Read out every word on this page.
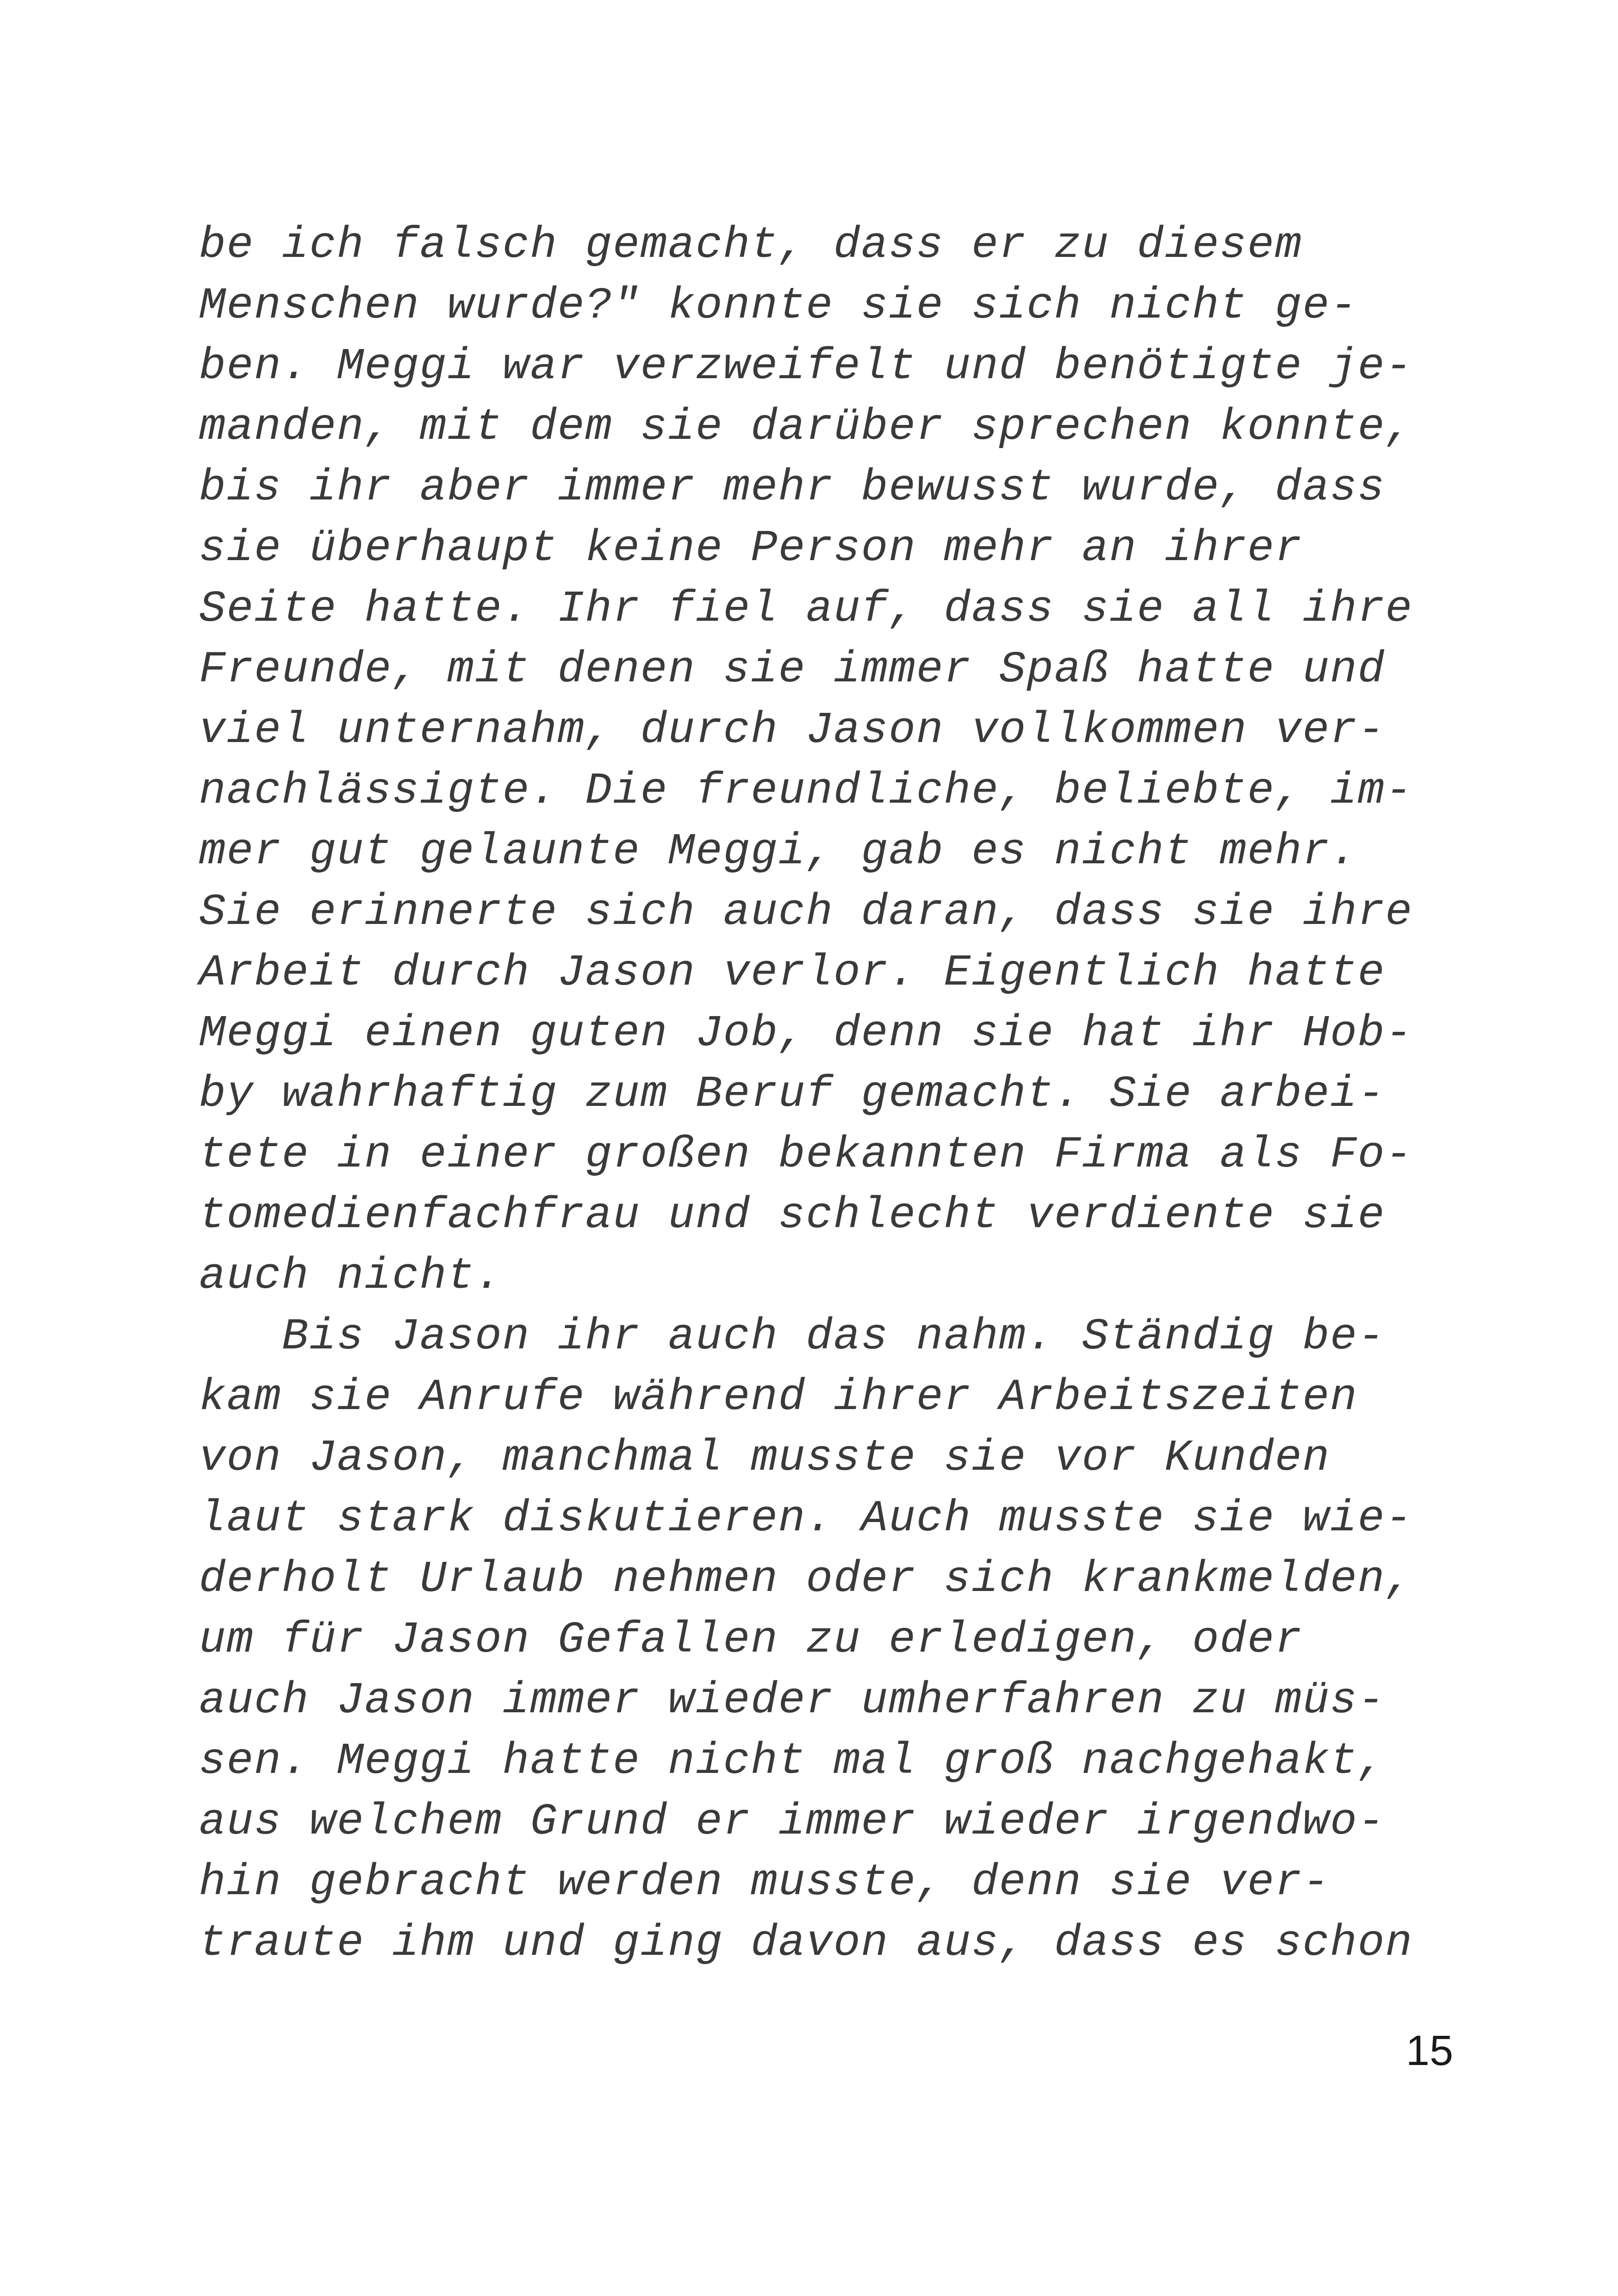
be ich falsch gemacht, dass er zu diesem
Menschen wurde?" konnte sie sich nicht ge-
ben. Meggi war verzweifelt und benötigte je-
manden, mit dem sie darüber sprechen konnte,
bis ihr aber immer mehr bewusst wurde, dass
sie überhaupt keine Person mehr an ihrer
Seite hatte. Ihr fiel auf, dass sie all ihre
Freunde, mit denen sie immer Spaß hatte und
viel unternahm, durch Jason vollkommen ver-
nachlässigte. Die freundliche, beliebte, im-
mer gut gelaunte Meggi, gab es nicht mehr.
Sie erinnerte sich auch daran, dass sie ihre
Arbeit durch Jason verlor. Eigentlich hatte
Meggi einen guten Job, denn sie hat ihr Hob-
by wahrhaftig zum Beruf gemacht. Sie arbei-
tete in einer großen bekannten Firma als Fo-
tomedienfachfrau und schlecht verdiente sie
auch nicht.
Bis Jason ihr auch das nahm. Ständig be-
kam sie Anrufe während ihrer Arbeitszeiten
von Jason, manchmal musste sie vor Kunden
laut stark diskutieren. Auch musste sie wie-
derholt Urlaub nehmen oder sich krankmelden,
um für Jason Gefallen zu erledigen, oder
auch Jason immer wieder umherfahren zu müs-
sen. Meggi hatte nicht mal groß nachgehakt,
aus welchem Grund er immer wieder irgendwo-
hin gebracht werden musste, denn sie ver-
traute ihm und ging davon aus, dass es schon
15
